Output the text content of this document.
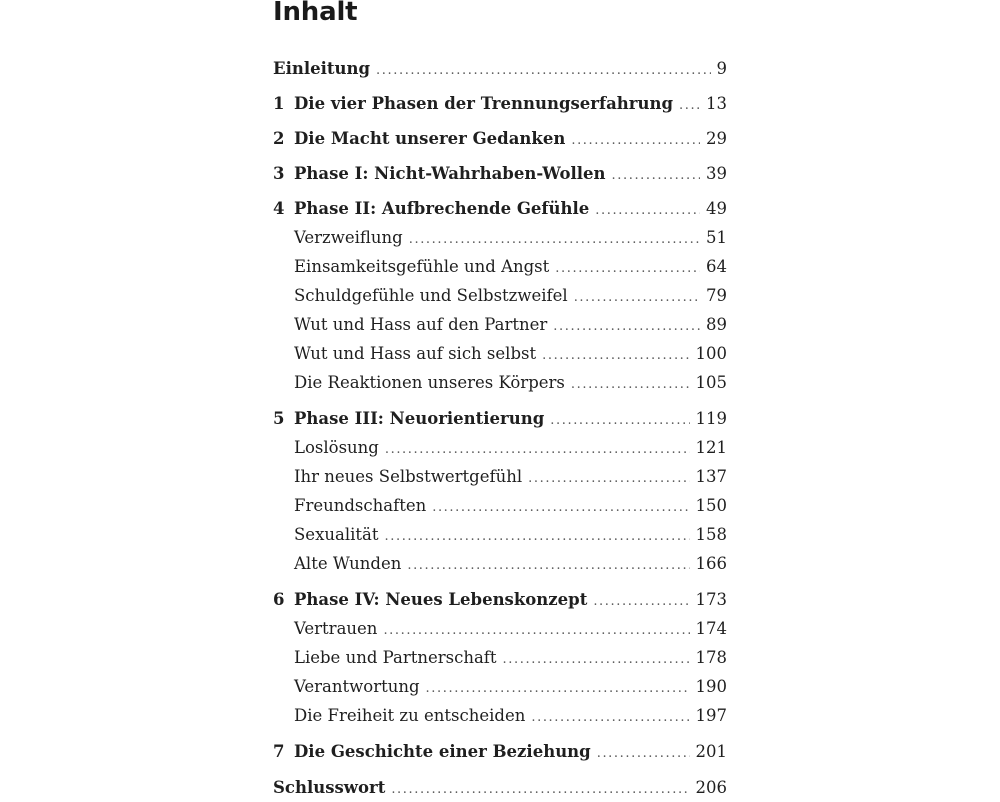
Inhalt
Einleitung .....	9
1 Die vier Phasen der Trennungserfahrung ..... 13
2 Die Macht unserer Gedanken .....	29
3 Phase I: Nicht-Wahrhaben-Wollen .....	39
4 Phase II: Aufbrechende Gefühle .....	49
Verzweiflung .....	51
Einsamkeitsgefühle und Angst .....	64
Schuldgefühle und Selbstzweifel .....	79
Wut und Hass auf den Partner .....	89
Wut und Hass auf sich selbst .....	100
Die Reaktionen unseres Körpers .....	105
5 Phase III: Neuorientierung .....	119
Loslösung .....	121
Ihr neues Selbstwertgefühl .....	137
Freundschaften .....	150
Sexualität .....	158
Alte Wunden .....	166
6 Phase IV: Neues Lebenskonzept .....	173
Vertrauen .....	174
Liebe und Partnerschaft .....	178
Verantwortung .....	190
Die Freiheit zu entscheiden .....	197
7 Die Geschichte einer Beziehung .....	201
Schlusswort .....	206
